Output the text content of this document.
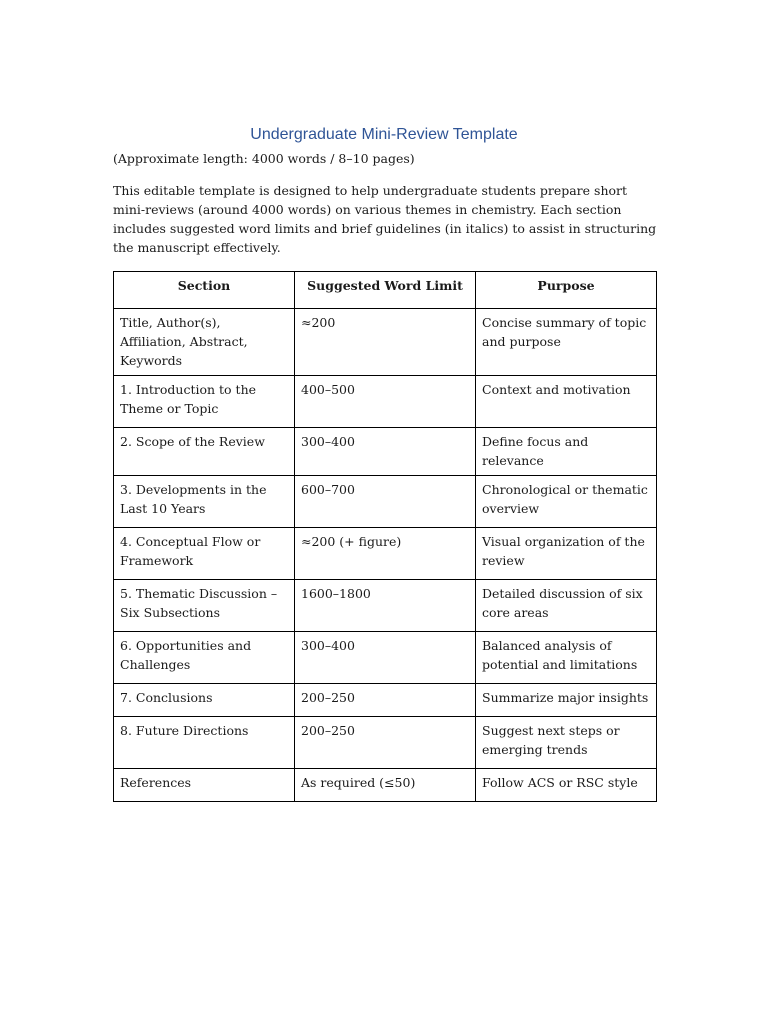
Undergraduate Mini-Review Template
(Approximate length: 4000 words / 8–10 pages)
This editable template is designed to help undergraduate students prepare short mini-reviews (around 4000 words) on various themes in chemistry. Each section includes suggested word limits and brief guidelines (in italics) to assist in structuring the manuscript effectively.
Section	Suggested Word Limit	Purpose
Title, Author(s), Affiliation, Abstract, Keywords	≈200	Concise summary of topic and purpose
1. Introduction to the Theme or Topic	400–500	Context and motivation
2. Scope of the Review	300–400	Define focus and relevance
3. Developments in the Last 10 Years	600–700	Chronological or thematic overview
4. Conceptual Flow or Framework	≈200 (+ figure)	Visual organization of the review
5. Thematic Discussion – Six Subsections	1600–1800	Detailed discussion of six core areas
6. Opportunities and Challenges	300–400	Balanced analysis of potential and limitations
7. Conclusions	200–250	Summarize major insights
8. Future Directions	200–250	Suggest next steps or emerging trends
References	As required (≤50)	Follow ACS or RSC style
